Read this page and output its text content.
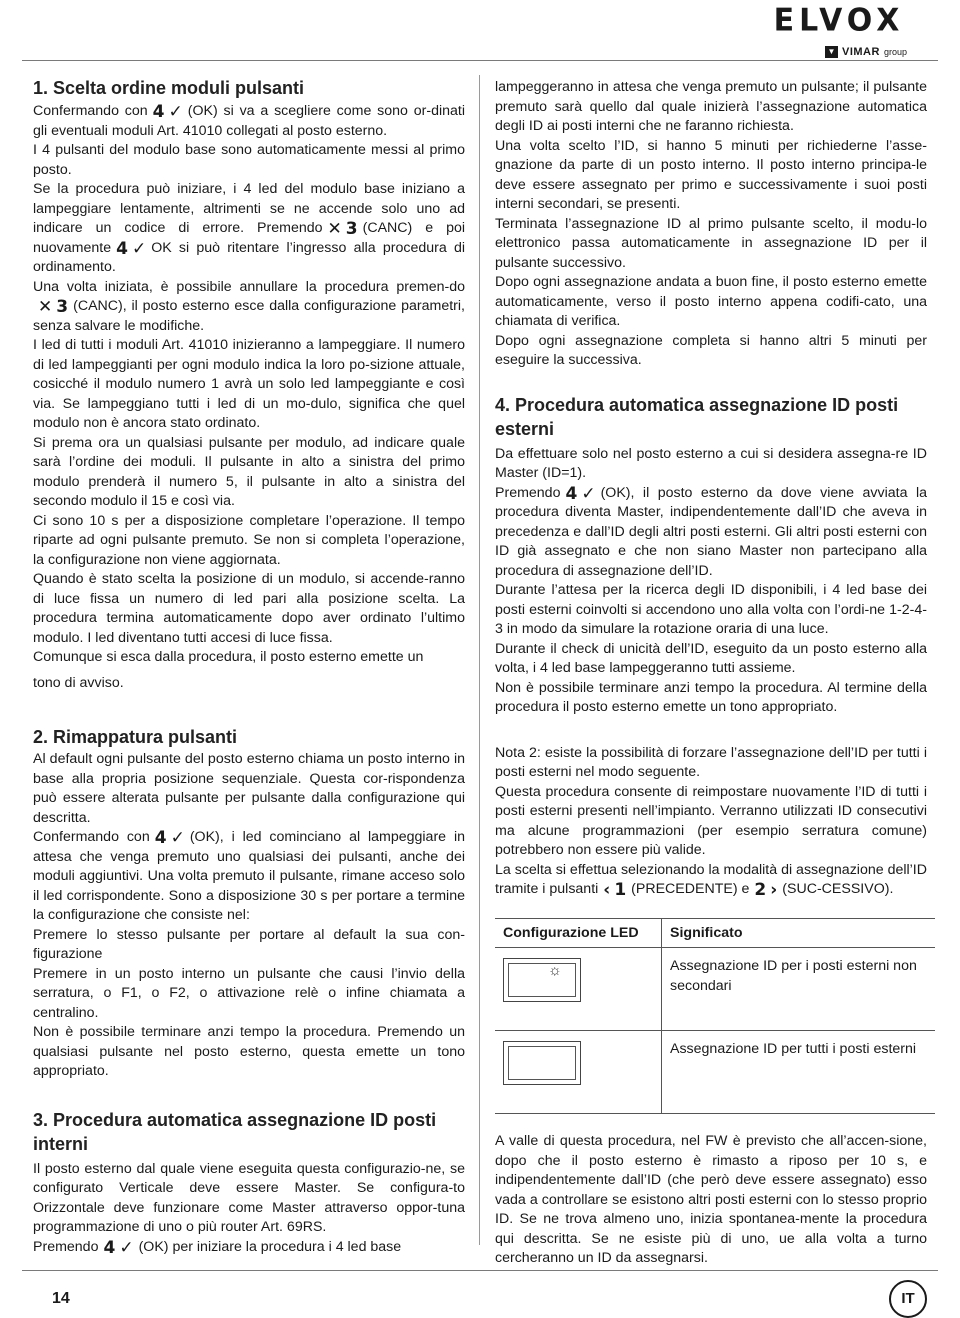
ELVOX
▼ VIMAR group
1. Scelta ordine moduli pulsanti

Confermando con 4 ✓ (OK) si va a scegliere come sono or-dinati gli eventuali moduli Art. 41010 collegati al posto esterno.

I 4 pulsanti del modulo base sono automaticamente messi al primo posto.

Se la procedura può iniziare, i 4 led del modulo base iniziano a lampeggiare lentamente, altrimenti se ne accende solo uno ad indicare un codice di errore. Premendo ✕ 3 (CANC) e poi nuovamente 4 ✓ OK si può ritentare l’ingresso alla procedura di ordinamento.

Una volta iniziata, è possibile annullare la procedura premen-do
✕ 3 (CANC), il posto esterno esce dalla configurazione parametri, senza salvare le modifiche.

I led di tutti i moduli Art. 41010 inizieranno a lampeggiare. Il numero di led lampeggianti per ogni modulo indica la loro po-sizione attuale, cosicché il modulo numero 1 avrà un solo led lampeggiante e così via. Se lampeggiano tutti i led di un mo-dulo, significa che quel modulo non è ancora stato ordinato.

Si prema ora un qualsiasi pulsante per modulo, ad indicare quale sarà l’ordine dei moduli. Il pulsante in alto a sinistra del primo modulo prenderà il numero 5, il pulsante in alto a sinistra del secondo modulo il 15 e così via.

Ci sono 10 s per a disposizione completare l’operazione. Il tempo riparte ad ogni pulsante premuto. Se non si completa l’operazione, la configurazione non viene aggiornata.

Quando è stato scelta la posizione di un modulo, si accende-ranno di luce fissa un numero di led pari alla posizione scelta. La procedura termina automaticamente dopo aver ordinato l’ultimo modulo. I led diventano tutti accesi di luce fissa.

Comunque si esca dalla procedura, il posto esterno emette un

tono di avviso.

2. Rimappatura pulsanti

Al default ogni pulsante del posto esterno chiama un posto interno in base alla propria posizione sequenziale. Questa cor-rispondenza può essere alterata pulsante per pulsante dalla configurazione qui descritta.

Confermando con 4 ✓ (OK), i led cominciano al lampeggiare in attesa che venga premuto uno qualsiasi dei pulsanti, anche dei moduli aggiuntivi. Una volta premuto il pulsante, rimane acceso solo il led corrispondente. Sono a disposizione 30 s per portare a termine la configurazione che consiste nel:

Premere lo stesso pulsante per portare al default la sua con-figurazione

Premere in un posto interno un pulsante che causi l’invio della serratura, o F1, o F2, o attivazione relè o infine chiamata a centralino.

Non è possibile terminare anzi tempo la procedura. Premendo un qualsiasi pulsante nel posto esterno, questa emette un tono appropriato.

3. Procedura automatica assegnazione ID posti interni

Il posto esterno dal quale viene eseguita questa configurazio-ne, se configurato Verticale deve essere Master. Se configura-to Orizzontale deve funzionare come Master attraverso oppor-tuna programmazione di uno o più router Art. 69RS.

Premendo 4 ✓ (OK) per iniziare la procedura i 4 led base

lampeggeranno in attesa che venga premuto un pulsante; il pulsante premuto sarà quello dal quale inizierà l’assegnazione automatica degli ID ai posti interni che ne faranno richiesta.

Una volta scelto l’ID, si hanno 5 minuti per richiederne l’asse-gnazione da parte di un posto interno. Il posto interno principa-le deve essere assegnato per primo e successivamente i suoi posti interni secondari, se presenti.

Terminata l’assegnazione ID al primo pulsante scelto, il modu-lo elettronico passa automaticamente in assegnazione ID per il pulsante successivo.

Dopo ogni assegnazione andata a buon fine, il posto esterno emette automaticamente, verso il posto interno appena codifi-cato, una chiamata di verifica.

Dopo ogni assegnazione completa si hanno altri 5 minuti per eseguire la successiva.

4. Procedura automatica assegnazione ID posti esterni

Da effettuare solo nel posto esterno a cui si desidera assegna-re ID Master (ID=1).

Premendo 4 ✓ (OK), il posto esterno da dove viene avviata la procedura diventa Master, indipendentemente dall’ID che aveva in precedenza e dall’ID degli altri posti esterni. Gli altri posti esterni con ID già assegnato e che non siano Master non partecipano alla procedura di assegnazione dell’ID.

Durante l’attesa per la ricerca degli ID disponibili, i 4 led base dei posti esterni coinvolti si accendono uno alla volta con l’ordi-ne 1-2-4-3 in modo da simulare la rotazione oraria di una luce.

Durante il check di unicità dell’ID, eseguito da un posto esterno alla volta, i 4 led base lampeggeranno tutti assieme.

Non è possibile terminare anzi tempo la procedura. Al termine della procedura il posto esterno emette un tono appropriato.

Nota 2: esiste la possibilità di forzare l’assegnazione dell’ID per tutti i posti esterni nel modo seguente.

Questa procedura consente di reimpostare nuovamente l’ID di tutti i posti esterni presenti nell’impianto. Verranno utilizzati ID consecutivi ma alcune programmazioni (per esempio serratura comune) potrebbero non essere più valide.

La scelta si effettua selezionando la modalità di assegnazione dell’ID tramite i pulsanti ‹ 1 (PRECEDENTE) e 2 › (SUC-CESSIVO).

Configurazione LED	Significato

☼	Assegnazione ID per i posti esterni non secondari

	Assegnazione ID per tutti i posti esterni

A valle di questa procedura, nel FW è previsto che all’accen-sione, dopo che il posto esterno è rimasto a riposo per 10 s, e indipendentemente dall’ID (che però deve essere assegnato) esso vada a controllare se esistono altri posti esterni con lo stesso proprio ID. Se ne trova almeno uno, inizia spontanea-mente la procedura qui descritta. Se ne esiste più di uno, ue alla volta a turno cercheranno un ID da assegnarsi.

14	IT
